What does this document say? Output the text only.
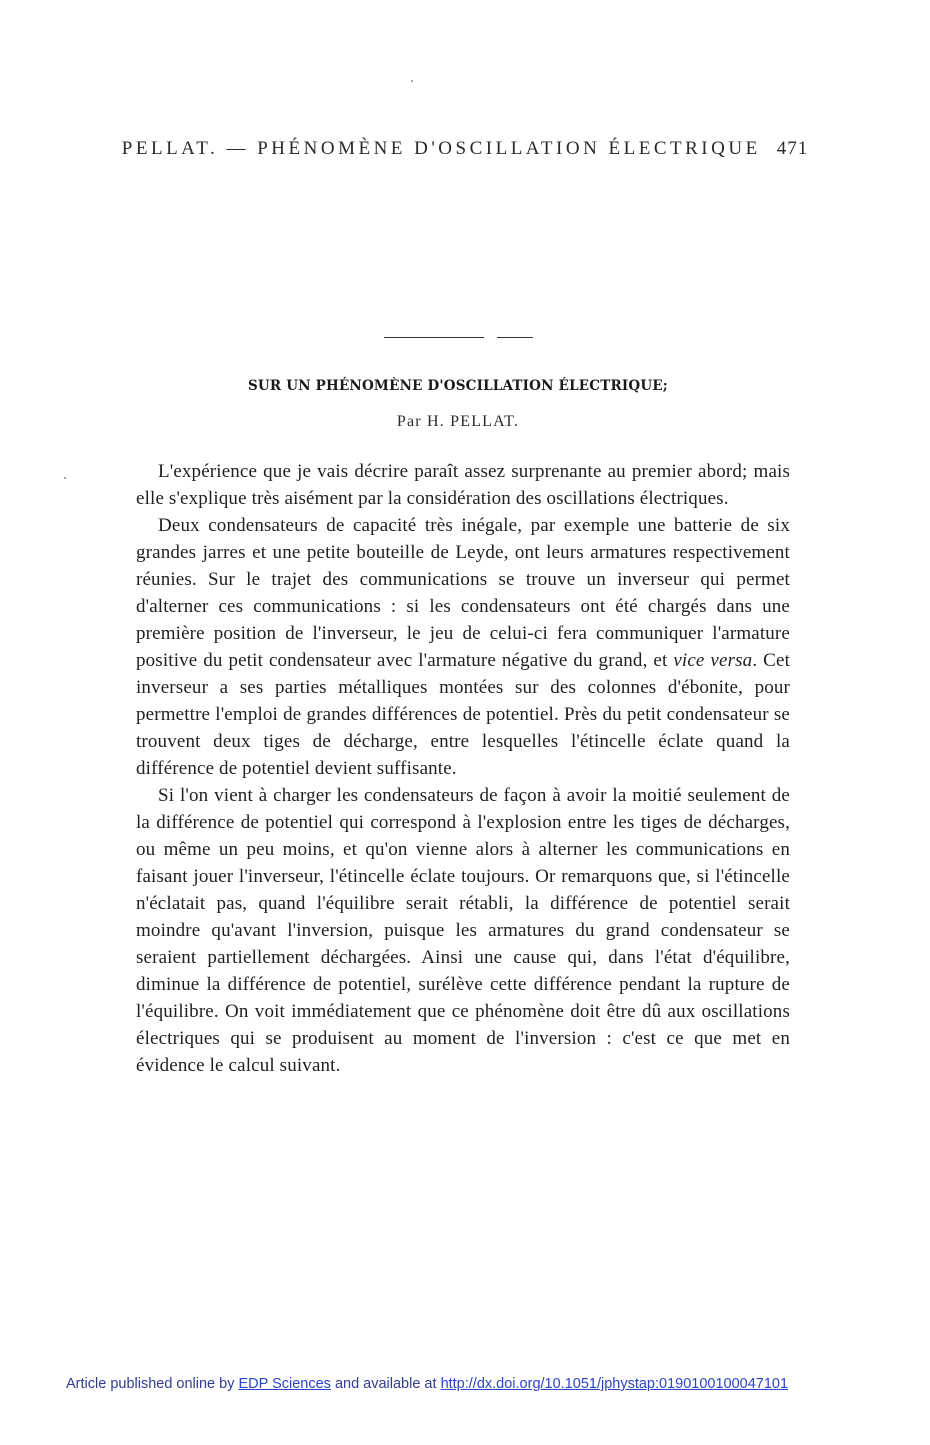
PELLAT. — PHÉNOMÈNE D'OSCILLATION ÉLECTRIQUE 471
SUR UN PHÉNOMÈNE D'OSCILLATION ÉLECTRIQUE;
Par H. PELLAT.

L'expérience que je vais décrire paraît assez surprenante au premier abord; mais elle s'explique très aisément par la considération des oscillations électriques.

Deux condensateurs de capacité très inégale, par exemple une batterie de six grandes jarres et une petite bouteille de Leyde, ont leurs armatures respectivement réunies. Sur le trajet des communications se trouve un inverseur qui permet d'alterner ces communications : si les condensateurs ont été chargés dans une première position de l'inverseur, le jeu de celui-ci fera communiquer l'armature positive du petit condensateur avec l'armature négative du grand, et vice versa. Cet inverseur a ses parties métalliques montées sur des colonnes d'ébonite, pour permettre l'emploi de grandes différences de potentiel. Près du petit condensateur se trouvent deux tiges de décharge, entre lesquelles l'étincelle éclate quand la différence de potentiel devient suffisante.

Si l'on vient à charger les condensateurs de façon à avoir la moitié seulement de la différence de potentiel qui correspond à l'explosion entre les tiges de décharges, ou même un peu moins, et qu'on vienne alors à alterner les communications en faisant jouer l'inverseur, l'étincelle éclate toujours. Or remarquons que, si l'étincelle n'éclatait pas, quand l'équilibre serait rétabli, la différence de potentiel serait moindre qu'avant l'inversion, puisque les armatures du grand condensateur se seraient partiellement déchargées. Ainsi une cause qui, dans l'état d'équilibre, diminue la différence de potentiel, surélève cette différence pendant la rupture de l'équilibre. On voit immédiatement que ce phénomène doit être dû aux oscillations électriques qui se produisent au moment de l'inversion : c'est ce que met en évidence le calcul suivant.

Article published online by EDP Sciences and available at http://dx.doi.org/10.1051/jphystap:0190100100047101
